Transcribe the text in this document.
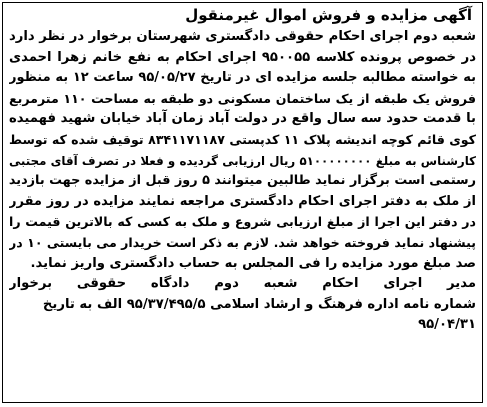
آگهی مزایده و فروش اموال غیرمنقول
شعبه دوم اجرای احکام حقوقی دادگستری شهرستان برخوار در نظر دارد
در خصوص پرونده کلاسه ۹۵۰۰۵۵ اجرای احکام به نفع خانم زهرا احمدی
به خواسته مطالبه جلسه مزایده ای در تاریخ ۹۵/۰۵/۲۷ ساعت ۱۲ به منظور
فروش یک طبقه از یک ساختمان مسکونی دو طبقه به مساحت ۱۱۰ مترمربع
با قدمت حدود سه سال واقع در دولت آباد زمان آباد خیابان شهید فهمیده
کوی قائم کوچه اندیشه پلاک ۱۱ کدپستی ۸۳۴۱۱۷۱۱۸۷ توقیف شده که توسط
کارشناس به مبلغ ۵۱۰۰۰۰۰۰۰۰ ریال ارزیابی گردیده و فعلا در تصرف آقای مجتبی
رستمی است برگزار نماید طالبین میتوانند ۵ روز قبل از مزایده جهت بازدید
از ملک به دفتر اجرای احکام دادگستری مراجعه نمایند مزایده در روز مقرر
در دفتر این اجرا از مبلغ ارزیابی شروع و ملک به کسی که بالاترین قیمت را
پیشنهاد نماید فروخته خواهد شد. لازم به ذکر است خریدار می بایستی ۱۰ در
صد مبلغ مورد مزایده را فی المجلس به حساب دادگستری واریز نماید.
مدیر اجرای احکام شعبه دوم دادگاه حقوقی برخوار
شماره نامه اداره فرهنگ و ارشاد اسلامی ۹۵/۳۷/۴۹۵/۵ الف به تاریخ
۹۵/۰۴/۳۱
